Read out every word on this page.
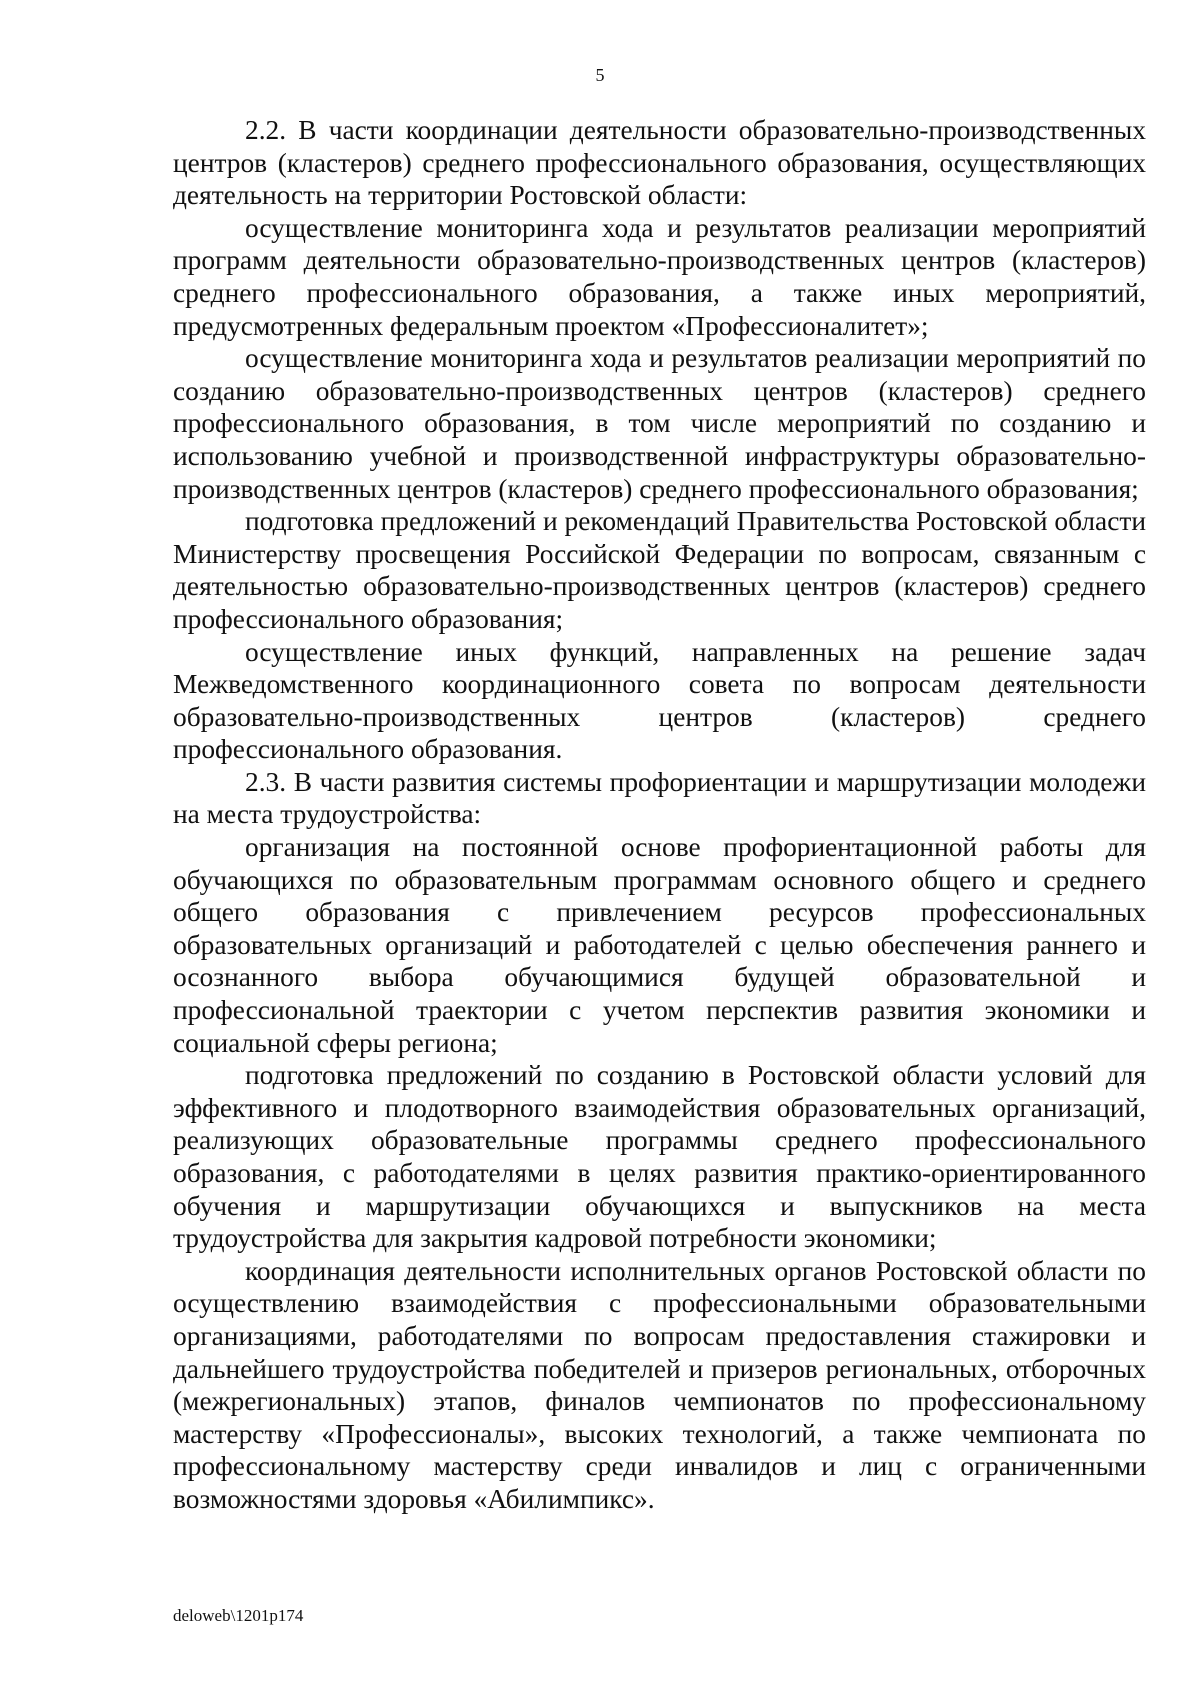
5

2.2. В части координации деятельности образовательно-производственных центров (кластеров) среднего профессионального образования, осуществляющих деятельность на территории Ростовской области:

осуществление мониторинга хода и результатов реализации мероприятий программ деятельности образовательно-производственных центров (кластеров) среднего профессионального образования, а также иных мероприятий, предусмотренных федеральным проектом «Профессионалитет»;

осуществление мониторинга хода и результатов реализации мероприятий по созданию образовательно-производственных центров (кластеров) среднего профессионального образования, в том числе мероприятий по созданию и использованию учебной и производственной инфраструктуры образовательно-производственных центров (кластеров) среднего профессионального образования;

подготовка предложений и рекомендаций Правительства Ростовской области Министерству просвещения Российской Федерации по вопросам, связанным с деятельностью образовательно-производственных центров (кластеров) среднего профессионального образования;

осуществление иных функций, направленных на решение задач Межведомственного координационного совета по вопросам деятельности образовательно-производственных центров (кластеров) среднего профессионального образования.

2.3. В части развития системы профориентации и маршрутизации молодежи на места трудоустройства:

организация на постоянной основе профориентационной работы для обучающихся по образовательным программам основного общего и среднего общего образования с привлечением ресурсов профессиональных образовательных организаций и работодателей с целью обеспечения раннего и осознанного выбора обучающимися будущей образовательной и профессиональной траектории с учетом перспектив развития экономики и социальной сферы региона;

подготовка предложений по созданию в Ростовской области условий для эффективного и плодотворного взаимодействия образовательных организаций, реализующих образовательные программы среднего профессионального образования, с работодателями в целях развития практико-ориентированного обучения и маршрутизации обучающихся и выпускников на места трудоустройства для закрытия кадровой потребности экономики;

координация деятельности исполнительных органов Ростовской области по осуществлению взаимодействия с профессиональными образовательными организациями, работодателями по вопросам предоставления стажировки и дальнейшего трудоустройства победителей и призеров региональных, отборочных (межрегиональных) этапов, финалов чемпионатов по профессиональному мастерству «Профессионалы», высоких технологий, а также чемпионата по профессиональному мастерству среди инвалидов и лиц с ограниченными возможностями здоровья «Абилимпикс».

deloweb\1201p174
